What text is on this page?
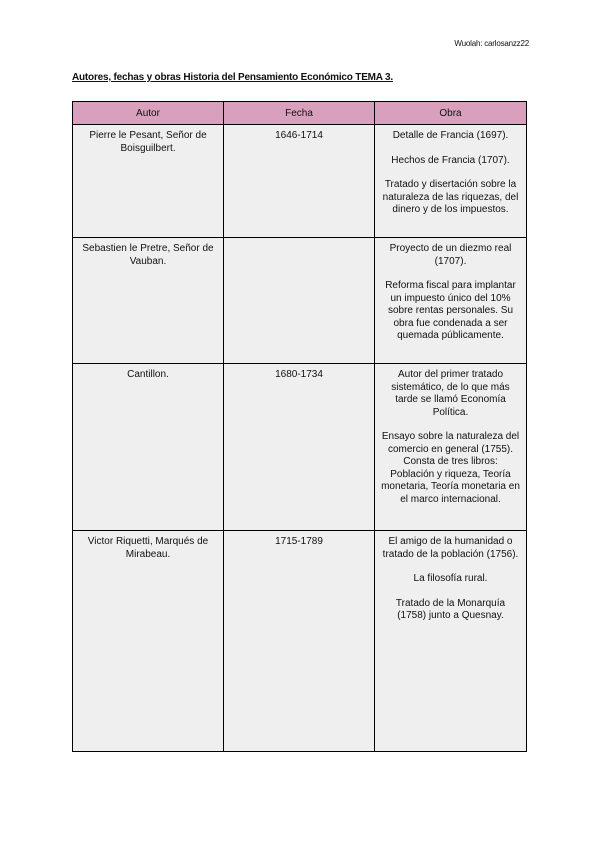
Wuolah: carlosanzz22
Autores, fechas y obras Historia del Pensamiento Económico TEMA 3.
Autor	Fecha	Obra
Pierre le Pesant, Señor de Boisguilbert.	1646-1714	Detalle de Francia (1697).

Hechos de Francia (1707).

Tratado y disertación sobre la naturaleza de las riquezas, del dinero y de los impuestos.

Sebastien le Pretre, Señor de Vauban.		Proyecto de un diezmo real (1707).

Reforma fiscal para implantar un impuesto único del 10% sobre rentas personales. Su obra fue condenada a ser quemada públicamente.

Cantillon.	1680-1734	Autor del primer tratado sistemático, de lo que más tarde se llamó Economía Política.

Ensayo sobre la naturaleza del comercio en general (1755). Consta de tres libros: Población y riqueza, Teoría monetaria, Teoría monetaria en el marco internacional.

Victor Riquetti, Marqués de Mirabeau.	1715-1789	El amigo de la humanidad o tratado de la población (1756).

La filosofía rural.

Tratado de la Monarquía (1758) junto a Quesnay.
